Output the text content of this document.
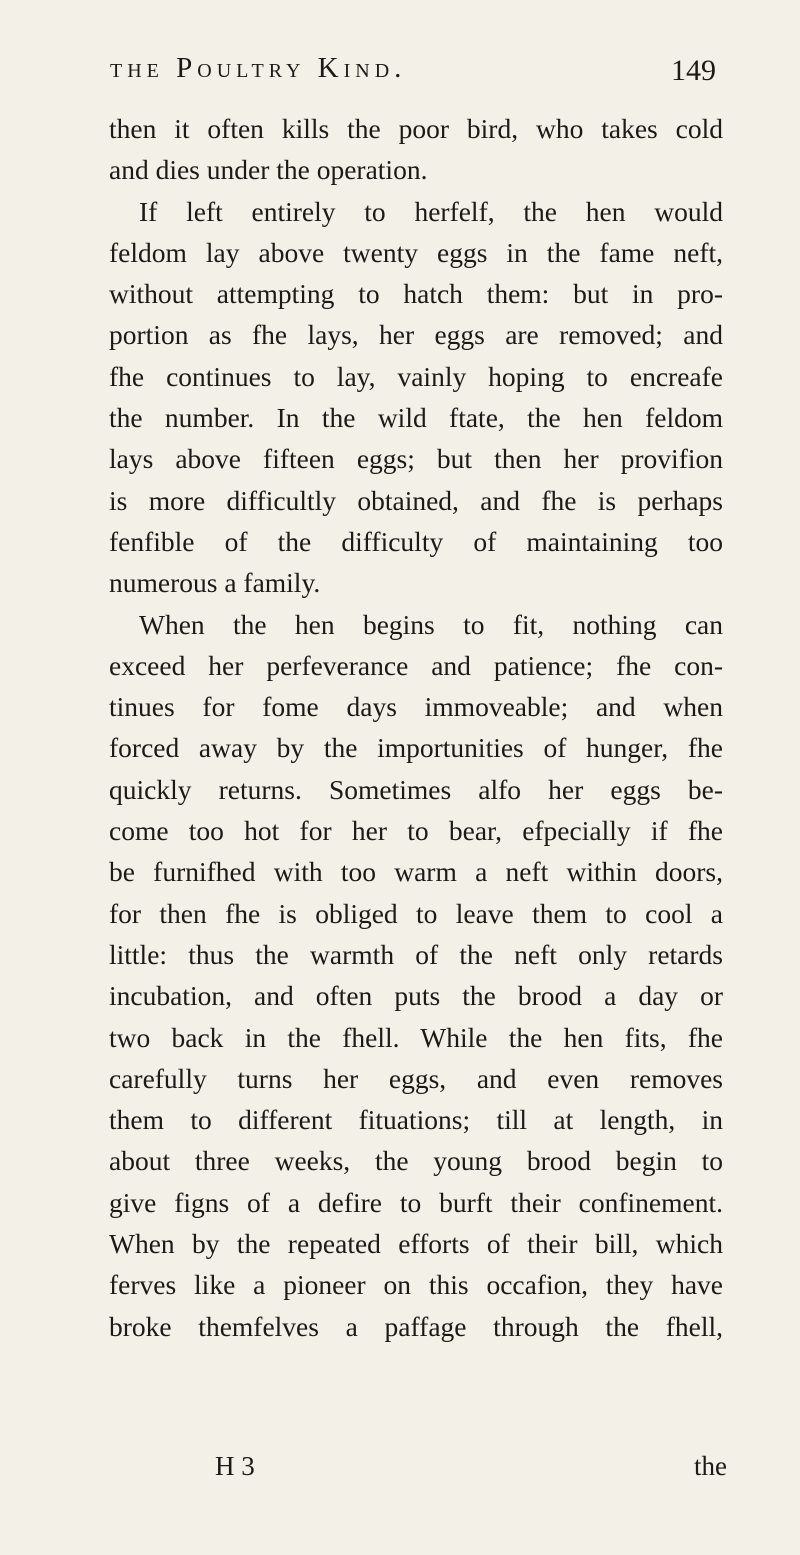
the Poultry Kind.	149
then it often kills the poor bird, who takes cold
and dies under the operation.
If left entirely to herfelf, the hen would
feldom lay above twenty eggs in the fame neft,
without attempting to hatch them: but in pro-
portion as fhe lays, her eggs are removed; and
fhe continues to lay, vainly hoping to encreafe
the number. In the wild ftate, the hen feldom
lays above fifteen eggs; but then her provifion
is more difficultly obtained, and fhe is perhaps
fenfible of the difficulty of maintaining too
numerous a family.
When the hen begins to fit, nothing can
exceed her perfeverance and patience; fhe con-
tinues for fome days immoveable; and when
forced away by the importunities of hunger, fhe
quickly returns. Sometimes alfo her eggs be-
come too hot for her to bear, efpecially if fhe
be furnifhed with too warm a neft within doors,
for then fhe is obliged to leave them to cool a
little: thus the warmth of the neft only retards
incubation, and often puts the brood a day or
two back in the fhell. While the hen fits, fhe
carefully turns her eggs, and even removes
them to different fituations; till at length, in
about three weeks, the young brood begin to
give figns of a defire to burft their confinement.
When by the repeated efforts of their bill, which
ferves like a pioneer on this occafion, they have
broke themfelves a paffage through the fhell,
H 3	the
